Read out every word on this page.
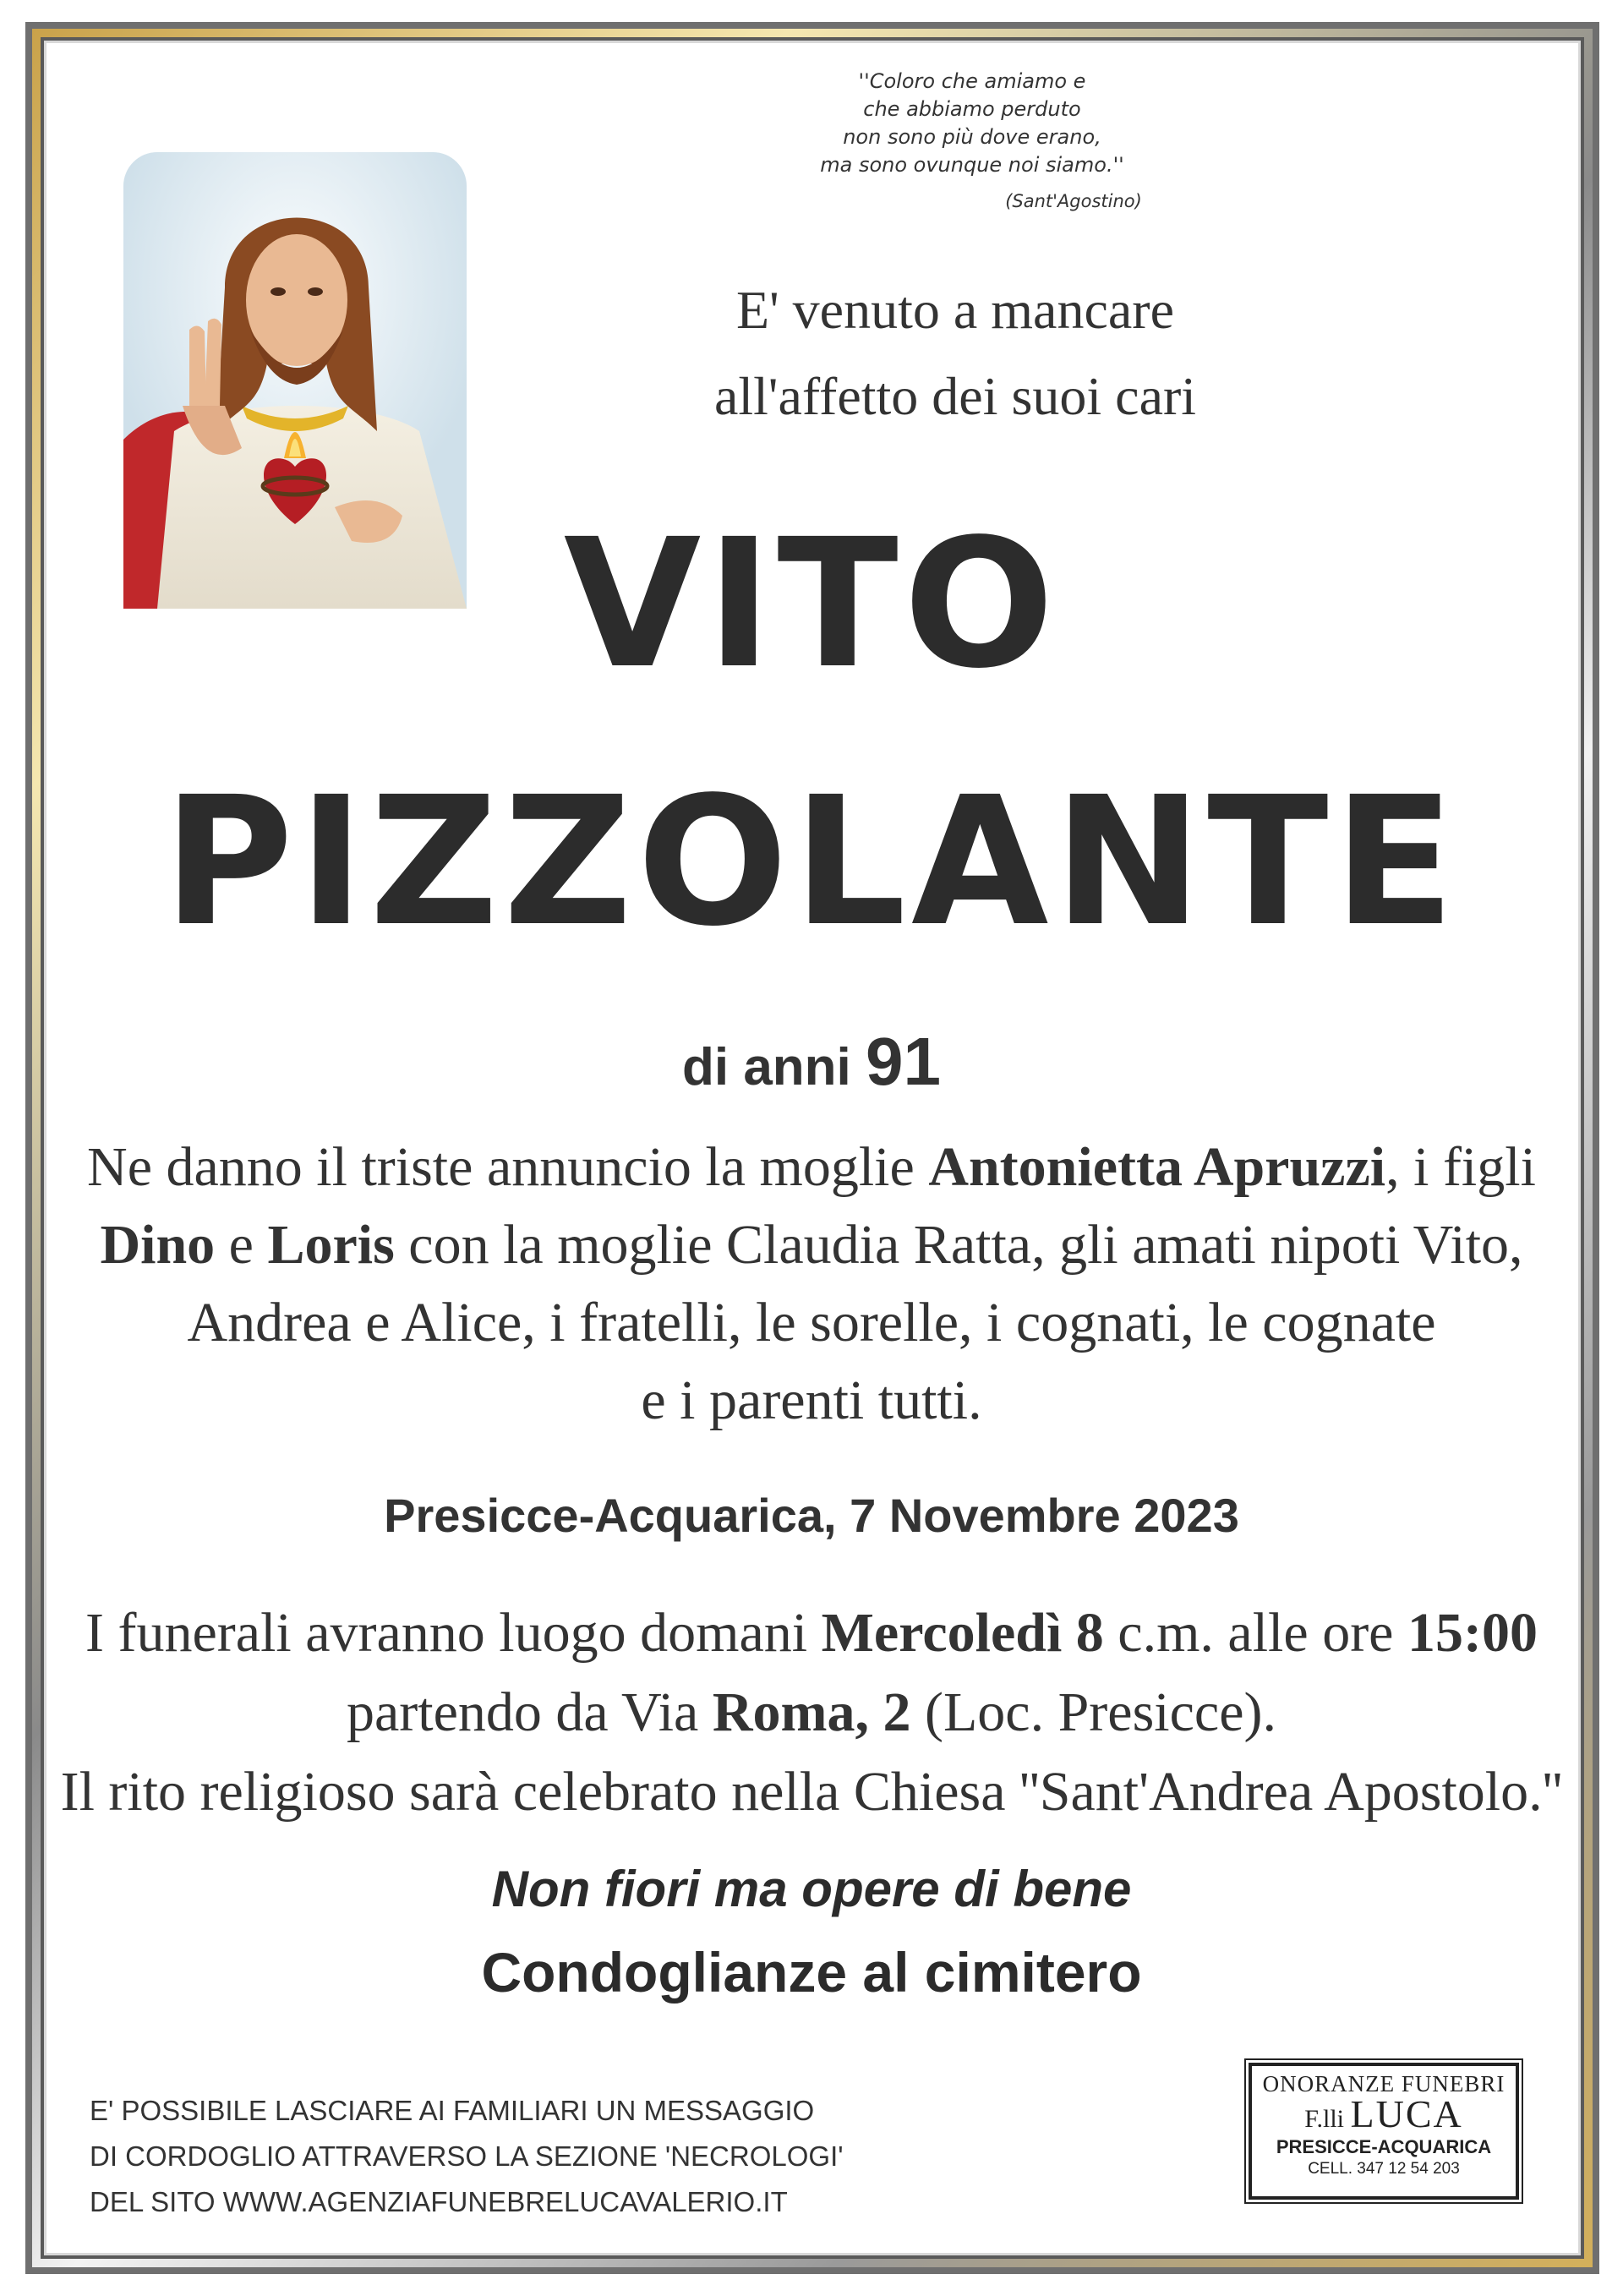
''Coloro che amiamo e
che abbiamo perduto
non sono più dove erano,
ma sono ovunque noi siamo.''
(Sant'Agostino)
E' venuto a mancare
all'affetto dei suoi cari
VITO
PIZZOLANTE
di anni 91
Ne danno il triste annuncio la moglie Antonietta Apruzzi, i figli
Dino e Loris con la moglie Claudia Ratta, gli amati nipoti Vito,
Andrea e Alice, i fratelli, le sorelle, i cognati, le cognate
e i parenti tutti.
Presicce-Acquarica, 7 Novembre 2023
I funerali avranno luogo domani Mercoledì 8 c.m. alle ore 15:00
partendo da Via Roma, 2 (Loc. Presicce).
Il rito religioso sarà celebrato nella Chiesa ''Sant'Andrea Apostolo.''
Non fiori ma opere di bene
Condoglianze al cimitero
E' POSSIBILE LASCIARE AI FAMILIARI UN MESSAGGIO
DI CORDOGLIO ATTRAVERSO LA SEZIONE 'NECROLOGI'
DEL SITO WWW.AGENZIAFUNEBRELUCAVALERIO.IT
ONORANZE FUNEBRI
F.lli LUCA
PRESICCE-ACQUARICA
CELL. 347 12 54 203
